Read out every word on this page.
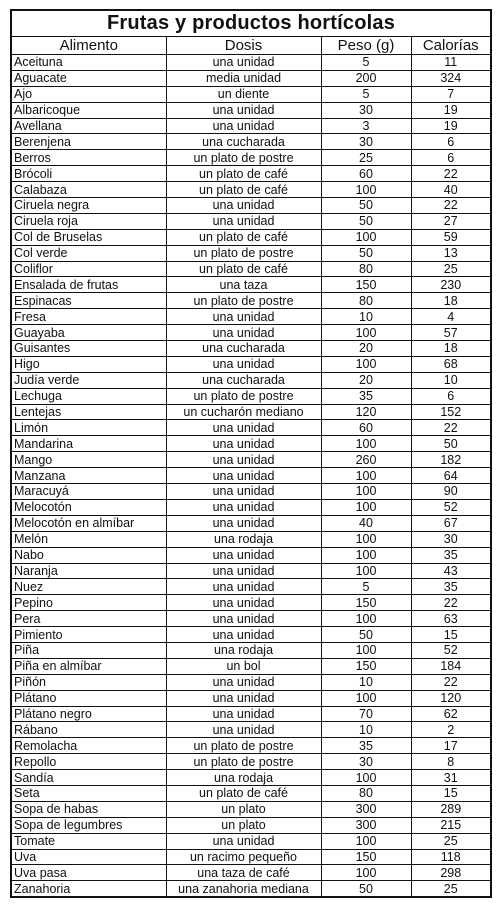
Frutas y productos hortícolas			
Alimento	Dosis	Peso (g)	Calorías
Aceituna	una unidad	5	11
Aguacate	media unidad	200	324
Ajo	un diente	5	7
Albaricoque	una unidad	30	19
Avellana	una unidad	3	19
Berenjena	una cucharada	30	6
Berros	un plato de postre	25	6
Brócoli	un plato de café	60	22
Calabaza	un plato de café	100	40
Ciruela negra	una unidad	50	22
Ciruela roja	una unidad	50	27
Col de Bruselas	un plato de café	100	59
Col verde	un plato de postre	50	13
Coliflor	un plato de café	80	25
Ensalada de frutas	una taza	150	230
Espinacas	un plato de postre	80	18
Fresa	una unidad	10	4
Guayaba	una unidad	100	57
Guisantes	una cucharada	20	18
Higo	una unidad	100	68
Judía verde	una cucharada	20	10
Lechuga	un plato de postre	35	6
Lentejas	un cucharón mediano	120	152
Limón	una unidad	60	22
Mandarina	una unidad	100	50
Mango	una unidad	260	182
Manzana	una unidad	100	64
Maracuyá	una unidad	100	90
Melocotón	una unidad	100	52
Melocotón en almíbar	una unidad	40	67
Melón	una rodaja	100	30
Nabo	una unidad	100	35
Naranja	una unidad	100	43
Nuez	una unidad	5	35
Pepino	una unidad	150	22
Pera	una unidad	100	63
Pimiento	una unidad	50	15
Piña	una rodaja	100	52
Piña en almíbar	un bol	150	184
Piñón	una unidad	10	22
Plátano	una unidad	100	120
Plátano negro	una unidad	70	62
Rábano	una unidad	10	2
Remolacha	un plato de postre	35	17
Repollo	un plato de postre	30	8
Sandía	una rodaja	100	31
Seta	un plato de café	80	15
Sopa de habas	un plato	300	289
Sopa de legumbres	un plato	300	215
Tomate	una unidad	100	25
Uva	un racimo pequeño	150	118
Uva pasa	una taza de café	100	298
Zanahoria	una zanahoria mediana	50	25
